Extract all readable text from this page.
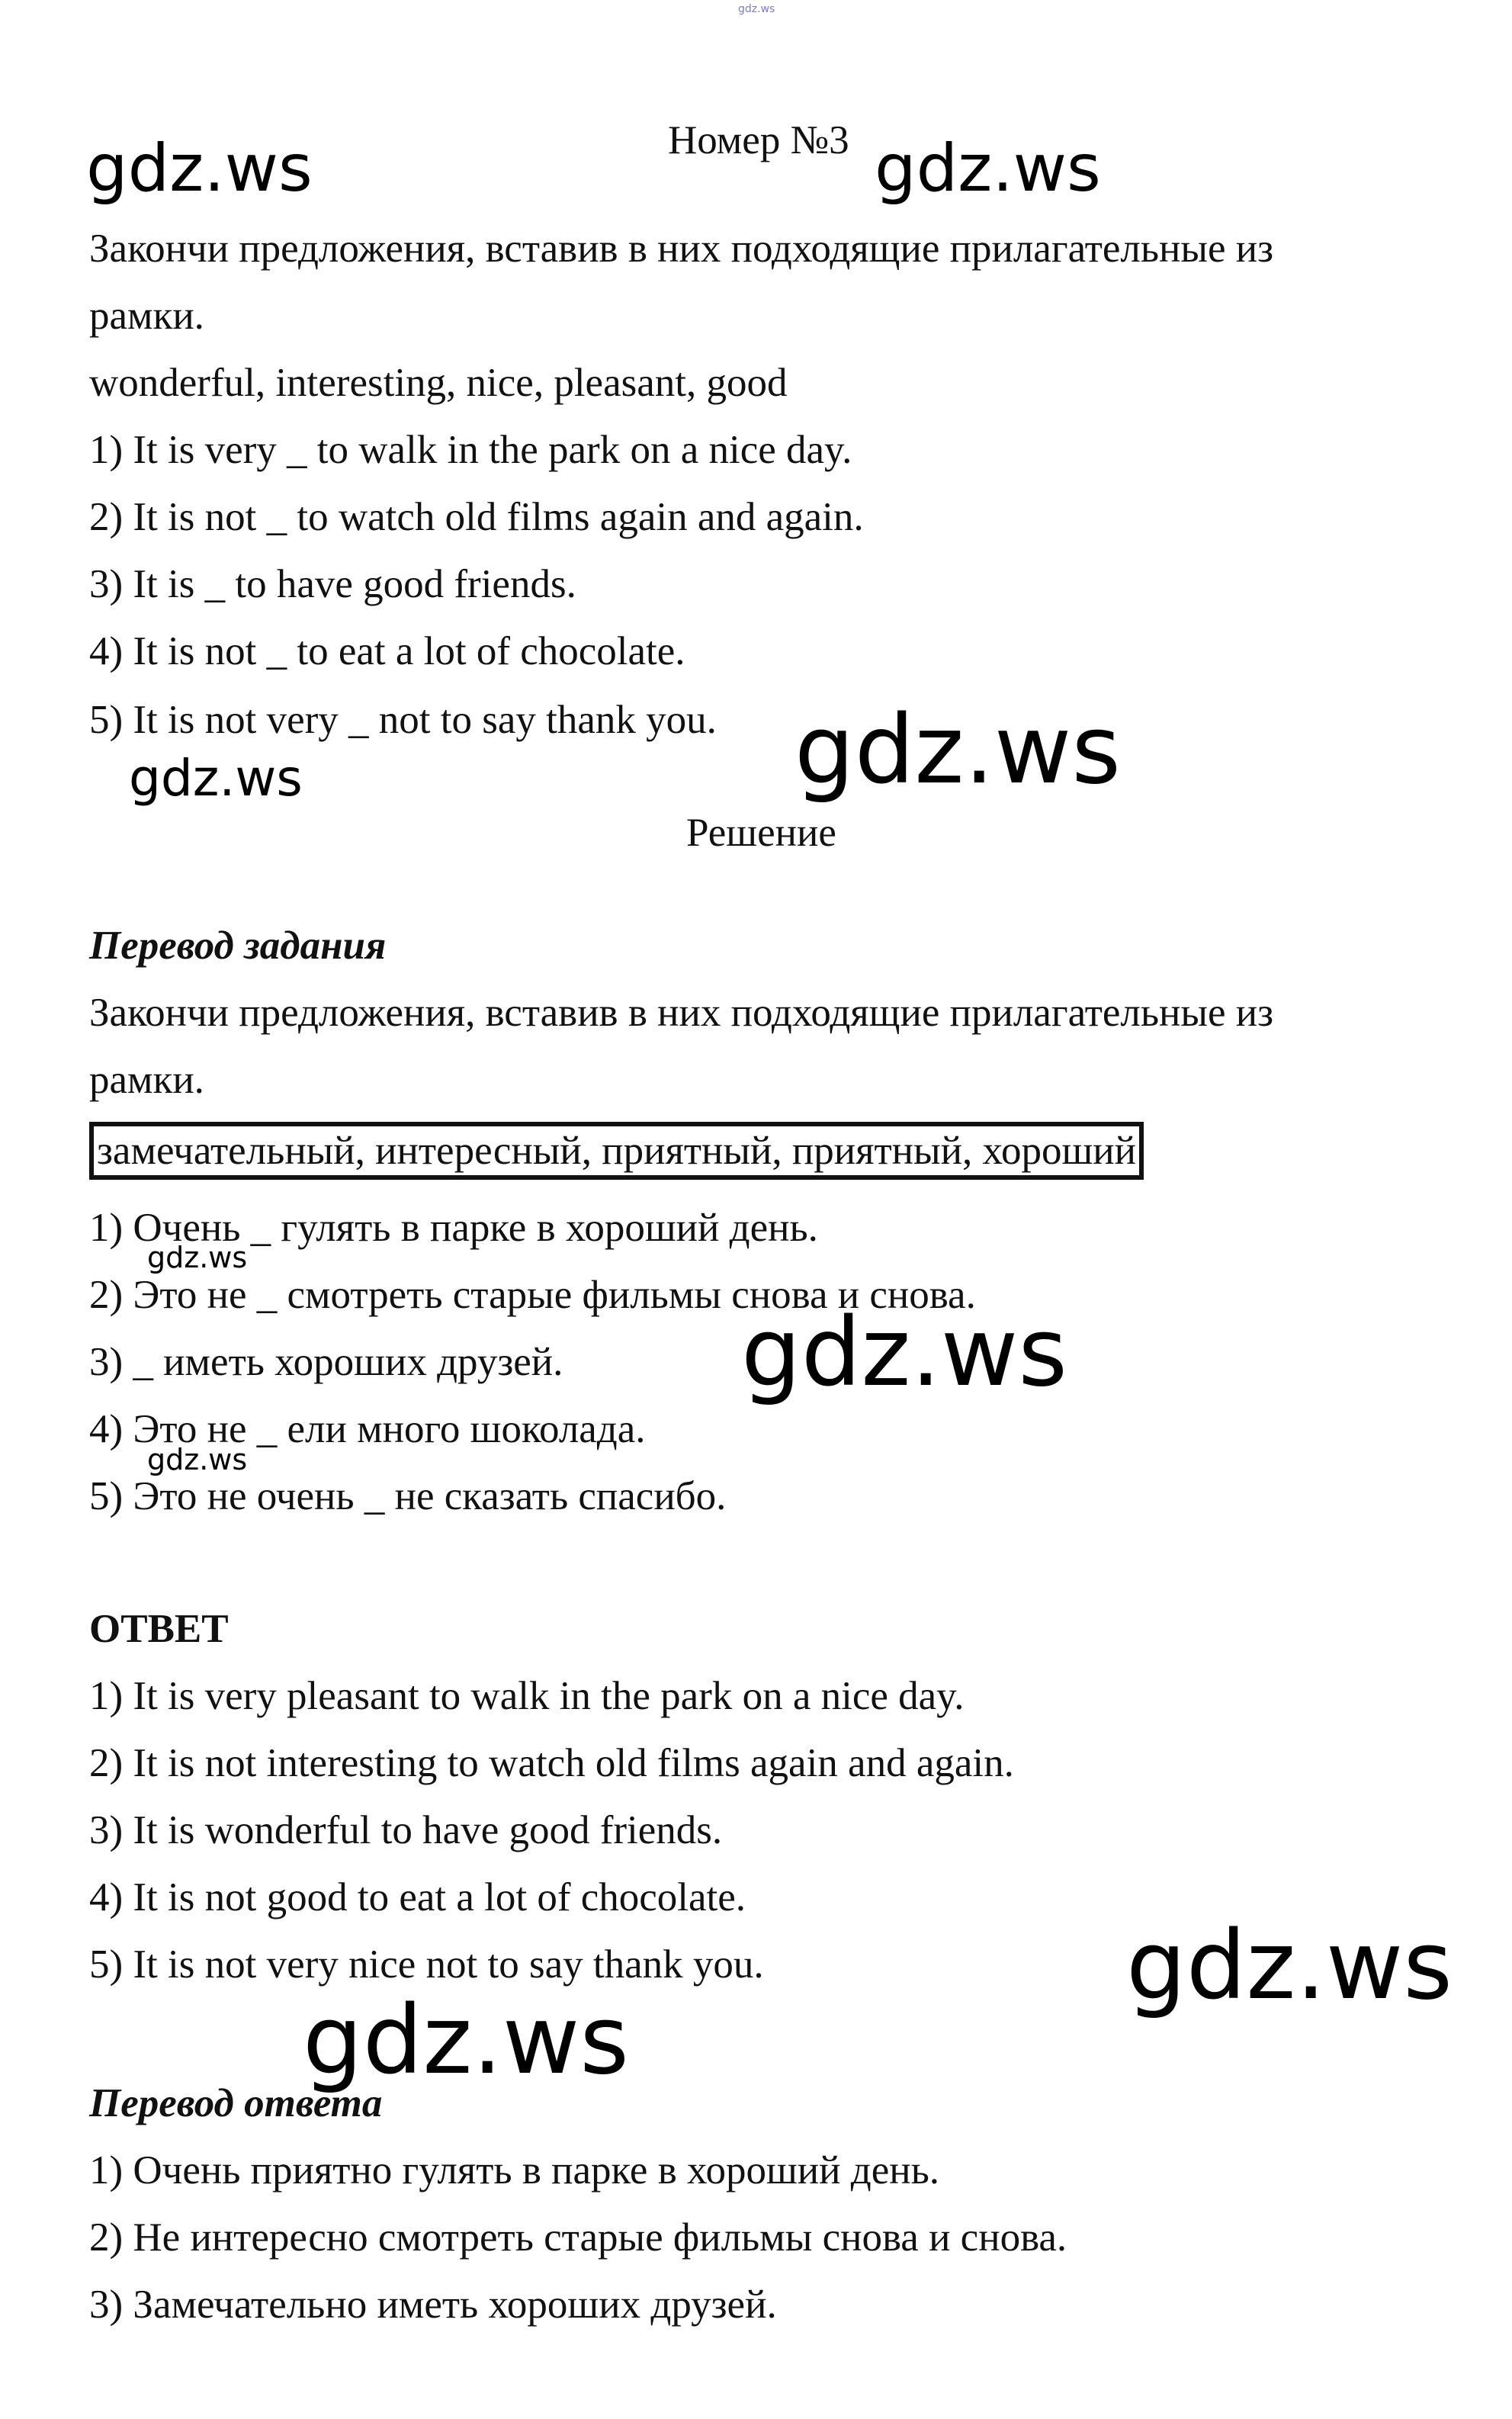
gdz.ws
Номер №3
Закончи предложения, вставив в них подходящие прилагательные из
рамки.
wonderful, interesting, nice, pleasant, good
1) It is very _ to walk in the park on a nice day.
2) It is not _ to watch old films again and again.
3) It is _ to have good friends.
4) It is not _ to eat a lot of chocolate.
5) It is not very _ not to say thank you.
Решение
Перевод задания
Закончи предложения, вставив в них подходящие прилагательные из
рамки.
замечательный, интересный, приятный, приятный, хороший
1) Очень _ гулять в парке в хороший день.
2) Это не _ смотреть старые фильмы снова и снова.
3) _ иметь хороших друзей.
4) Это не _ ели много шоколада.
5) Это не очень _ не сказать спасибо.
ОТВЕТ
1) It is very pleasant to walk in the park on a nice day.
2) It is not interesting to watch old films again and again.
3) It is wonderful to have good friends.
4) It is not good to eat a lot of chocolate.
5) It is not very nice not to say thank you.
Перевод ответа
1) Очень приятно гулять в парке в хороший день.
2) Не интересно смотреть старые фильмы снова и снова.
3) Замечательно иметь хороших друзей.
gdz.ws	gdz.ws
gdz.ws
gdz.ws
gdz.ws
gdz.ws
gdz.ws
gdz.ws
gdz.ws
